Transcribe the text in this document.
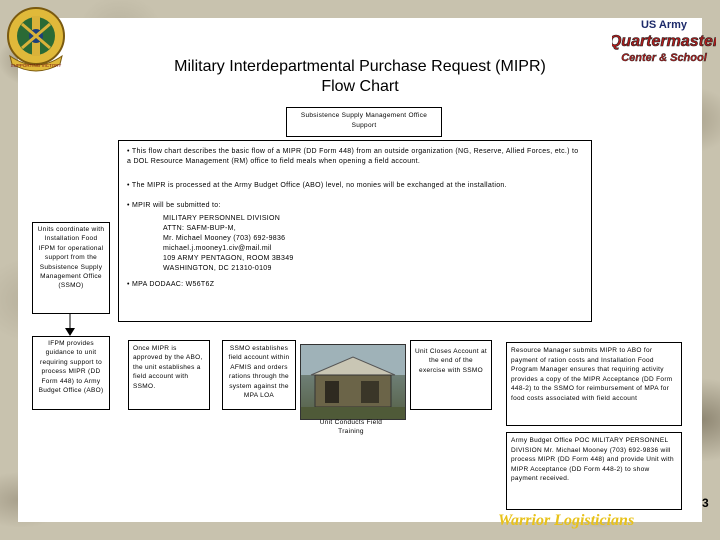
SUPPORTING VICTORY
US Army
Quartermaster
Center & School
Military Interdepartmental Purchase Request (MIPR)
Flow Chart
Subsistence Supply Management Office Support
• This flow chart describes the basic flow of a MIPR (DD Form 448) from an outside organization (NG, Reserve, Allied Forces, etc.) to a DOL Resource Management (RM) office to field meals when opening a field account.
• The MIPR is processed at the Army Budget Office (ABO) level, no monies will be exchanged at the installation.
• MPIR will be submitted to:
MILITARY PERSONNEL DIVISION
ATTN: SAFM-BUP-M,
Mr. Michael Mooney (703) 692-9836
michael.j.mooney1.civ@mail.mil
109 ARMY PENTAGON, ROOM 3B349
WASHINGTON, DC 21310-0109
• MPA DODAAC: W56T6Z
Units coordinate with Installation Food IFPM for operational support from the Subsistence Supply Management Office (SSMO)
IFPM provides guidance to unit requiring support to process MIPR (DD Form 448) to Army Budget Office (ABO)
Once MIPR is approved by the ABO, the unit establishes a field account with SSMO.
SSMO establishes field account within AFMIS and orders rations through the system against the MPA LOA
Unit Conducts Field Training
Unit Closes Account at the end of the exercise with SSMO
Resource Manager submits MIPR to ABO for payment of ration costs and Installation Food Program Manager ensures that requiring activity provides a copy of the MIPR Acceptance (DD Form 448-2) to the SSMO for reimbursement of MPA for food costs associated with field account
Army Budget Office POC MILITARY PERSONNEL DIVISION Mr. Michael Mooney (703) 692-9836 will process MIPR (DD Form 448) and provide Unit with MIPR Acceptance (DD Form 448-2) to show payment received.
Warrior Logisticians
3
